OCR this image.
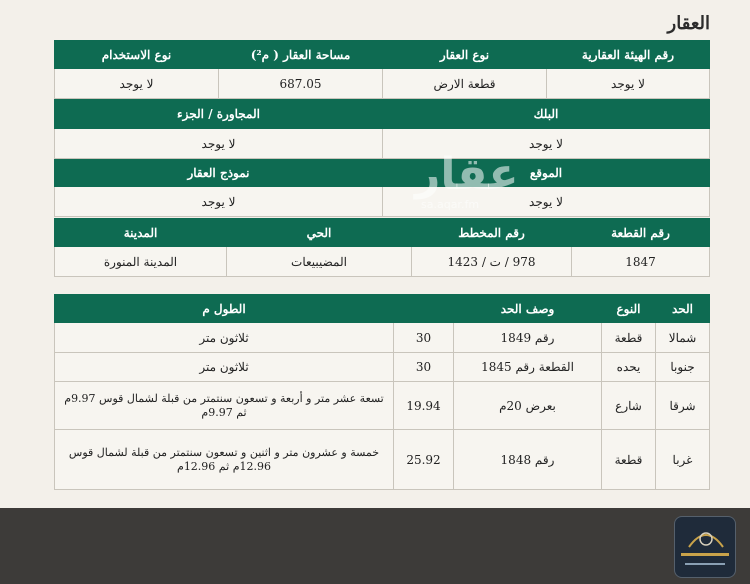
العقار
رقم الهيئة العقارية	نوع العقار	مساحة العقار ( م²)	نوع الاستخدام
لا يوجد	قطعة الارض	687.05	لا يوجد
البلك		المجاورة / الجزء	
لا يوجد		لا يوجد	
الموقع		نموذج العقار	
لا يوجد		لا يوجد	
رقم القطعة	رقم المخطط	الحي	المدينة
1847	978 / ت / 1423	المضيبيعات	المدينة المنورة
الحد	النوع	وصف الحد		الطول م
شمالا	قطعة	رقم 1849	30	ثلاثون متر
جنوبا	يحده	القطعة رقم 1845	30	ثلاثون متر
شرقا	شارع	بعرض 20م	19.94	تسعة عشر متر و أربعة و تسعون سنتمتر من قبلة لشمال قوس 9.97م ثم 9.97م
غربا	قطعة	رقم 1848	25.92	خمسة و عشرون متر و اثنين و تسعون سنتمتر من قبلة لشمال قوس 12.96م ثم 12.96م
عقار
sa.aqar.fm
